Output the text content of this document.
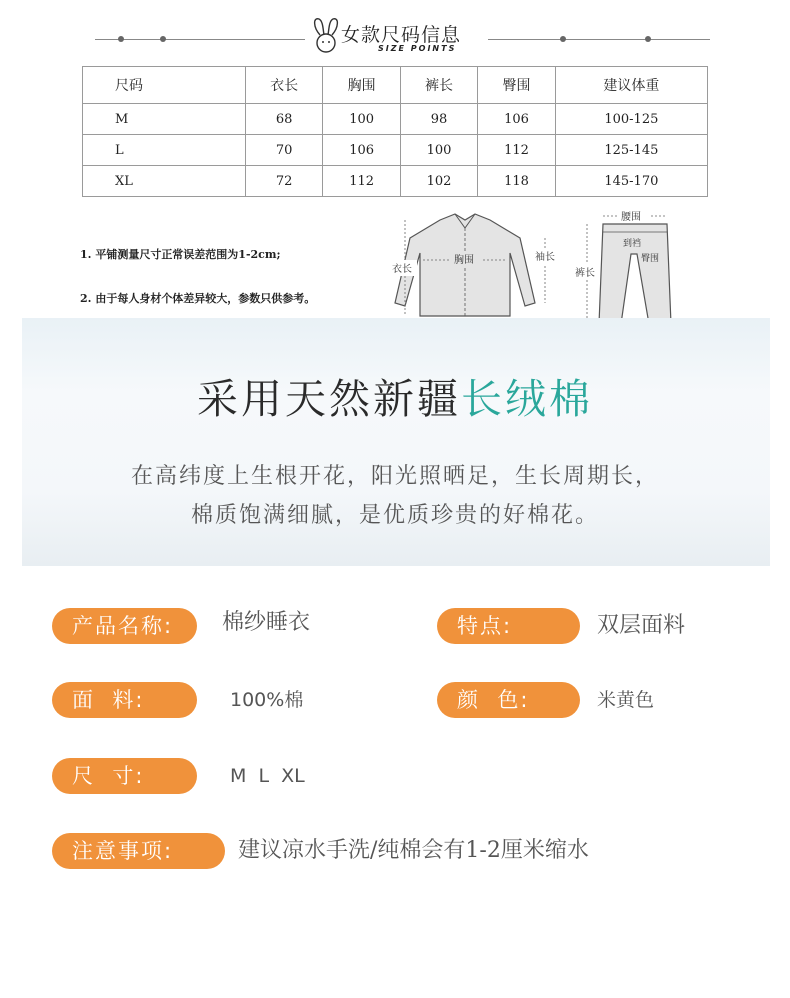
女款尺码信息
SIZE POINTS
尺码	衣长	胸围	裤长	臀围	建议体重
M	68	100	98	106	100-125
L	70	106	100	112	125-145
XL	72	112	102	118	145-170
1. 平铺测量尺寸正常误差范围为1-2cm;
2. 由于每人身材个体差异较大，参数只供参考。
衣长
胸围	袖长
腰围
到裆
臀围
裤长
采用天然新疆长绒棉
在高纬度上生根开花，阳光照晒足，生长周期长，
棉质饱满细腻，是优质珍贵的好棉花。
产品名称:	棉纱睡衣	特点:	双层面料
面  料:	100%棉	颜  色:	米黄色
尺  寸:	M  L  XL
注意事项:	建议凉水手洗/纯棉会有1-2厘米缩水
